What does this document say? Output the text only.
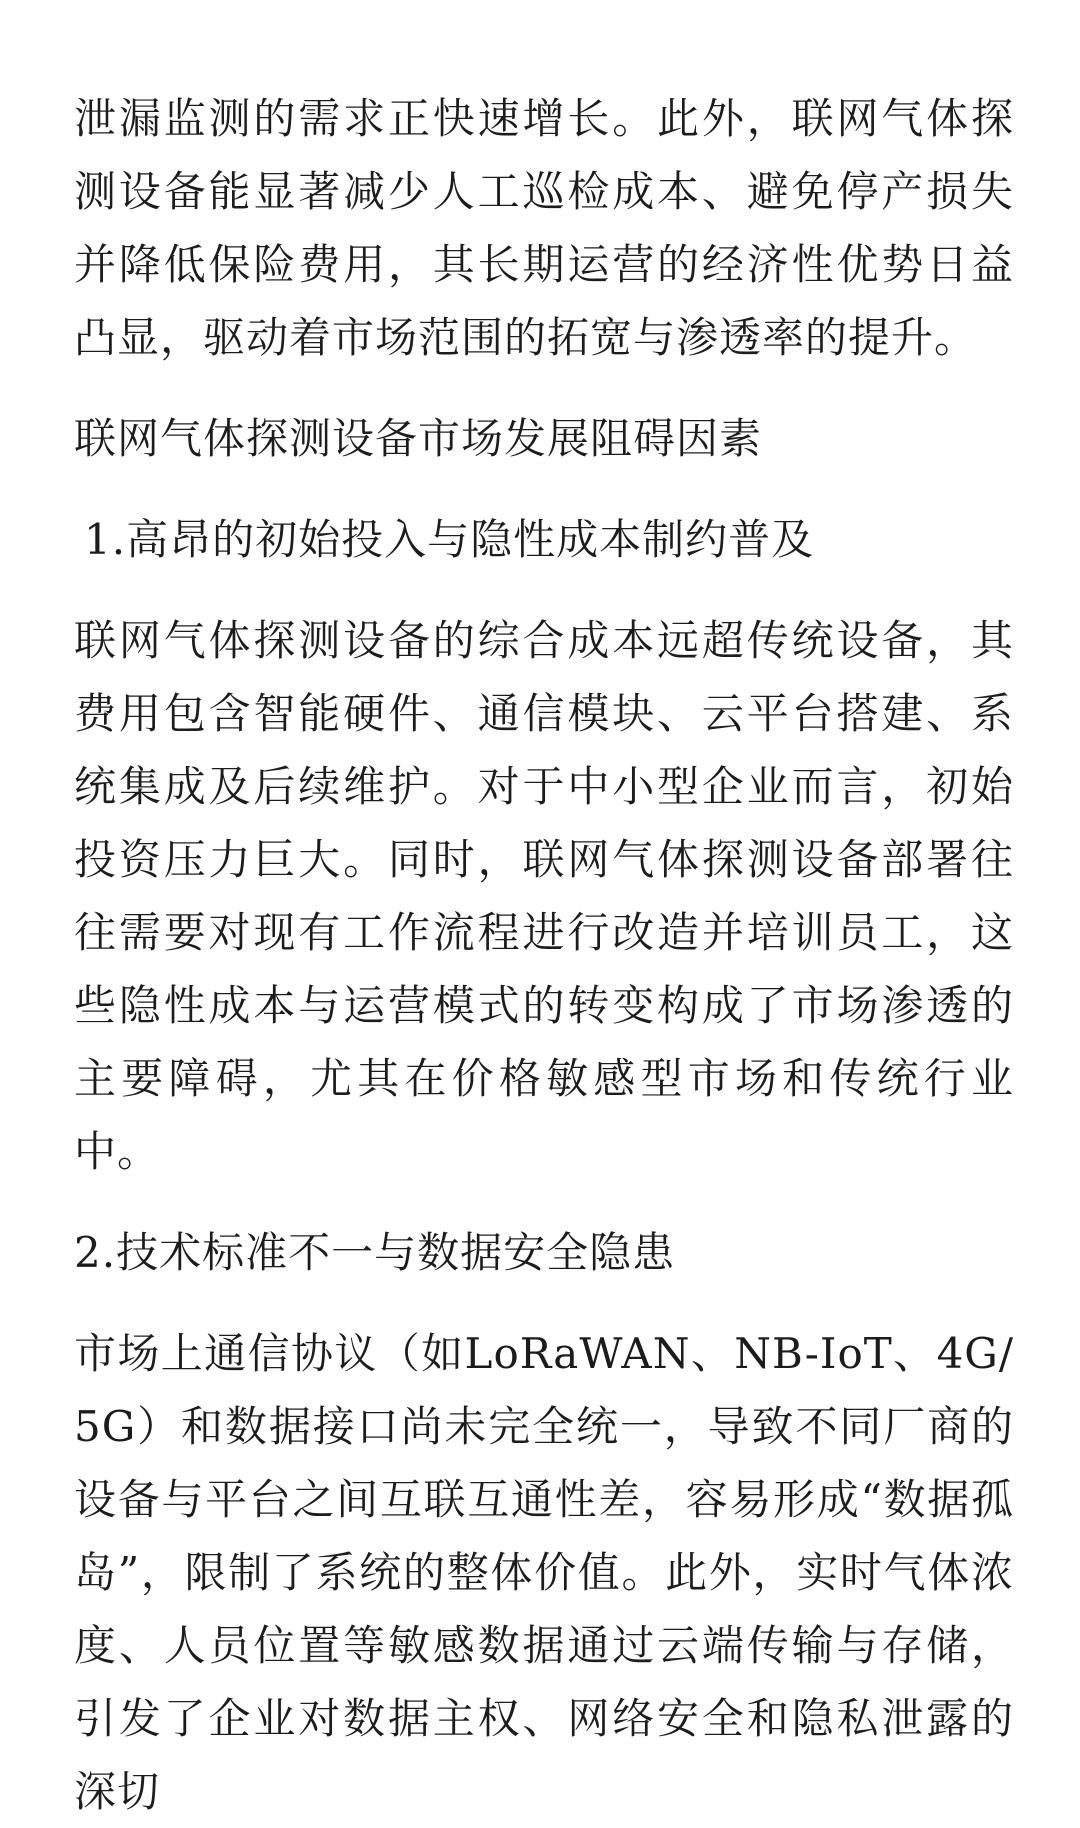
泄漏监测的需求正快速增长。此外，联网气体探测设备能显著减少人工巡检成本、避免停产损失并降低保险费用，其长期运营的经济性优势日益凸显，驱动着市场范围的拓宽与渗透率的提升。

联网气体探测设备市场发展阻碍因素

1.高昂的初始投入与隐性成本制约普及

联网气体探测设备的综合成本远超传统设备，其费用包含智能硬件、通信模块、云平台搭建、系统集成及后续维护。对于中小型企业而言，初始投资压力巨大。同时，联网气体探测设备部署往往需要对现有工作流程进行改造并培训员工，这些隐性成本与运营模式的转变构成了市场渗透的主要障碍，尤其在价格敏感型市场和传统行业中。

2.技术标准不一与数据安全隐患

市场上通信协议（如LoRaWAN、NB-IoT、4G/5G）和数据接口尚未完全统一，导致不同厂商的设备与平台之间互联互通性差，容易形成“数据孤岛”，限制了系统的整体价值。此外，实时气体浓度、人员位置等敏感数据通过云端传输与存储，引发了企业对数据主权、网络安全和隐私泄露的深切
